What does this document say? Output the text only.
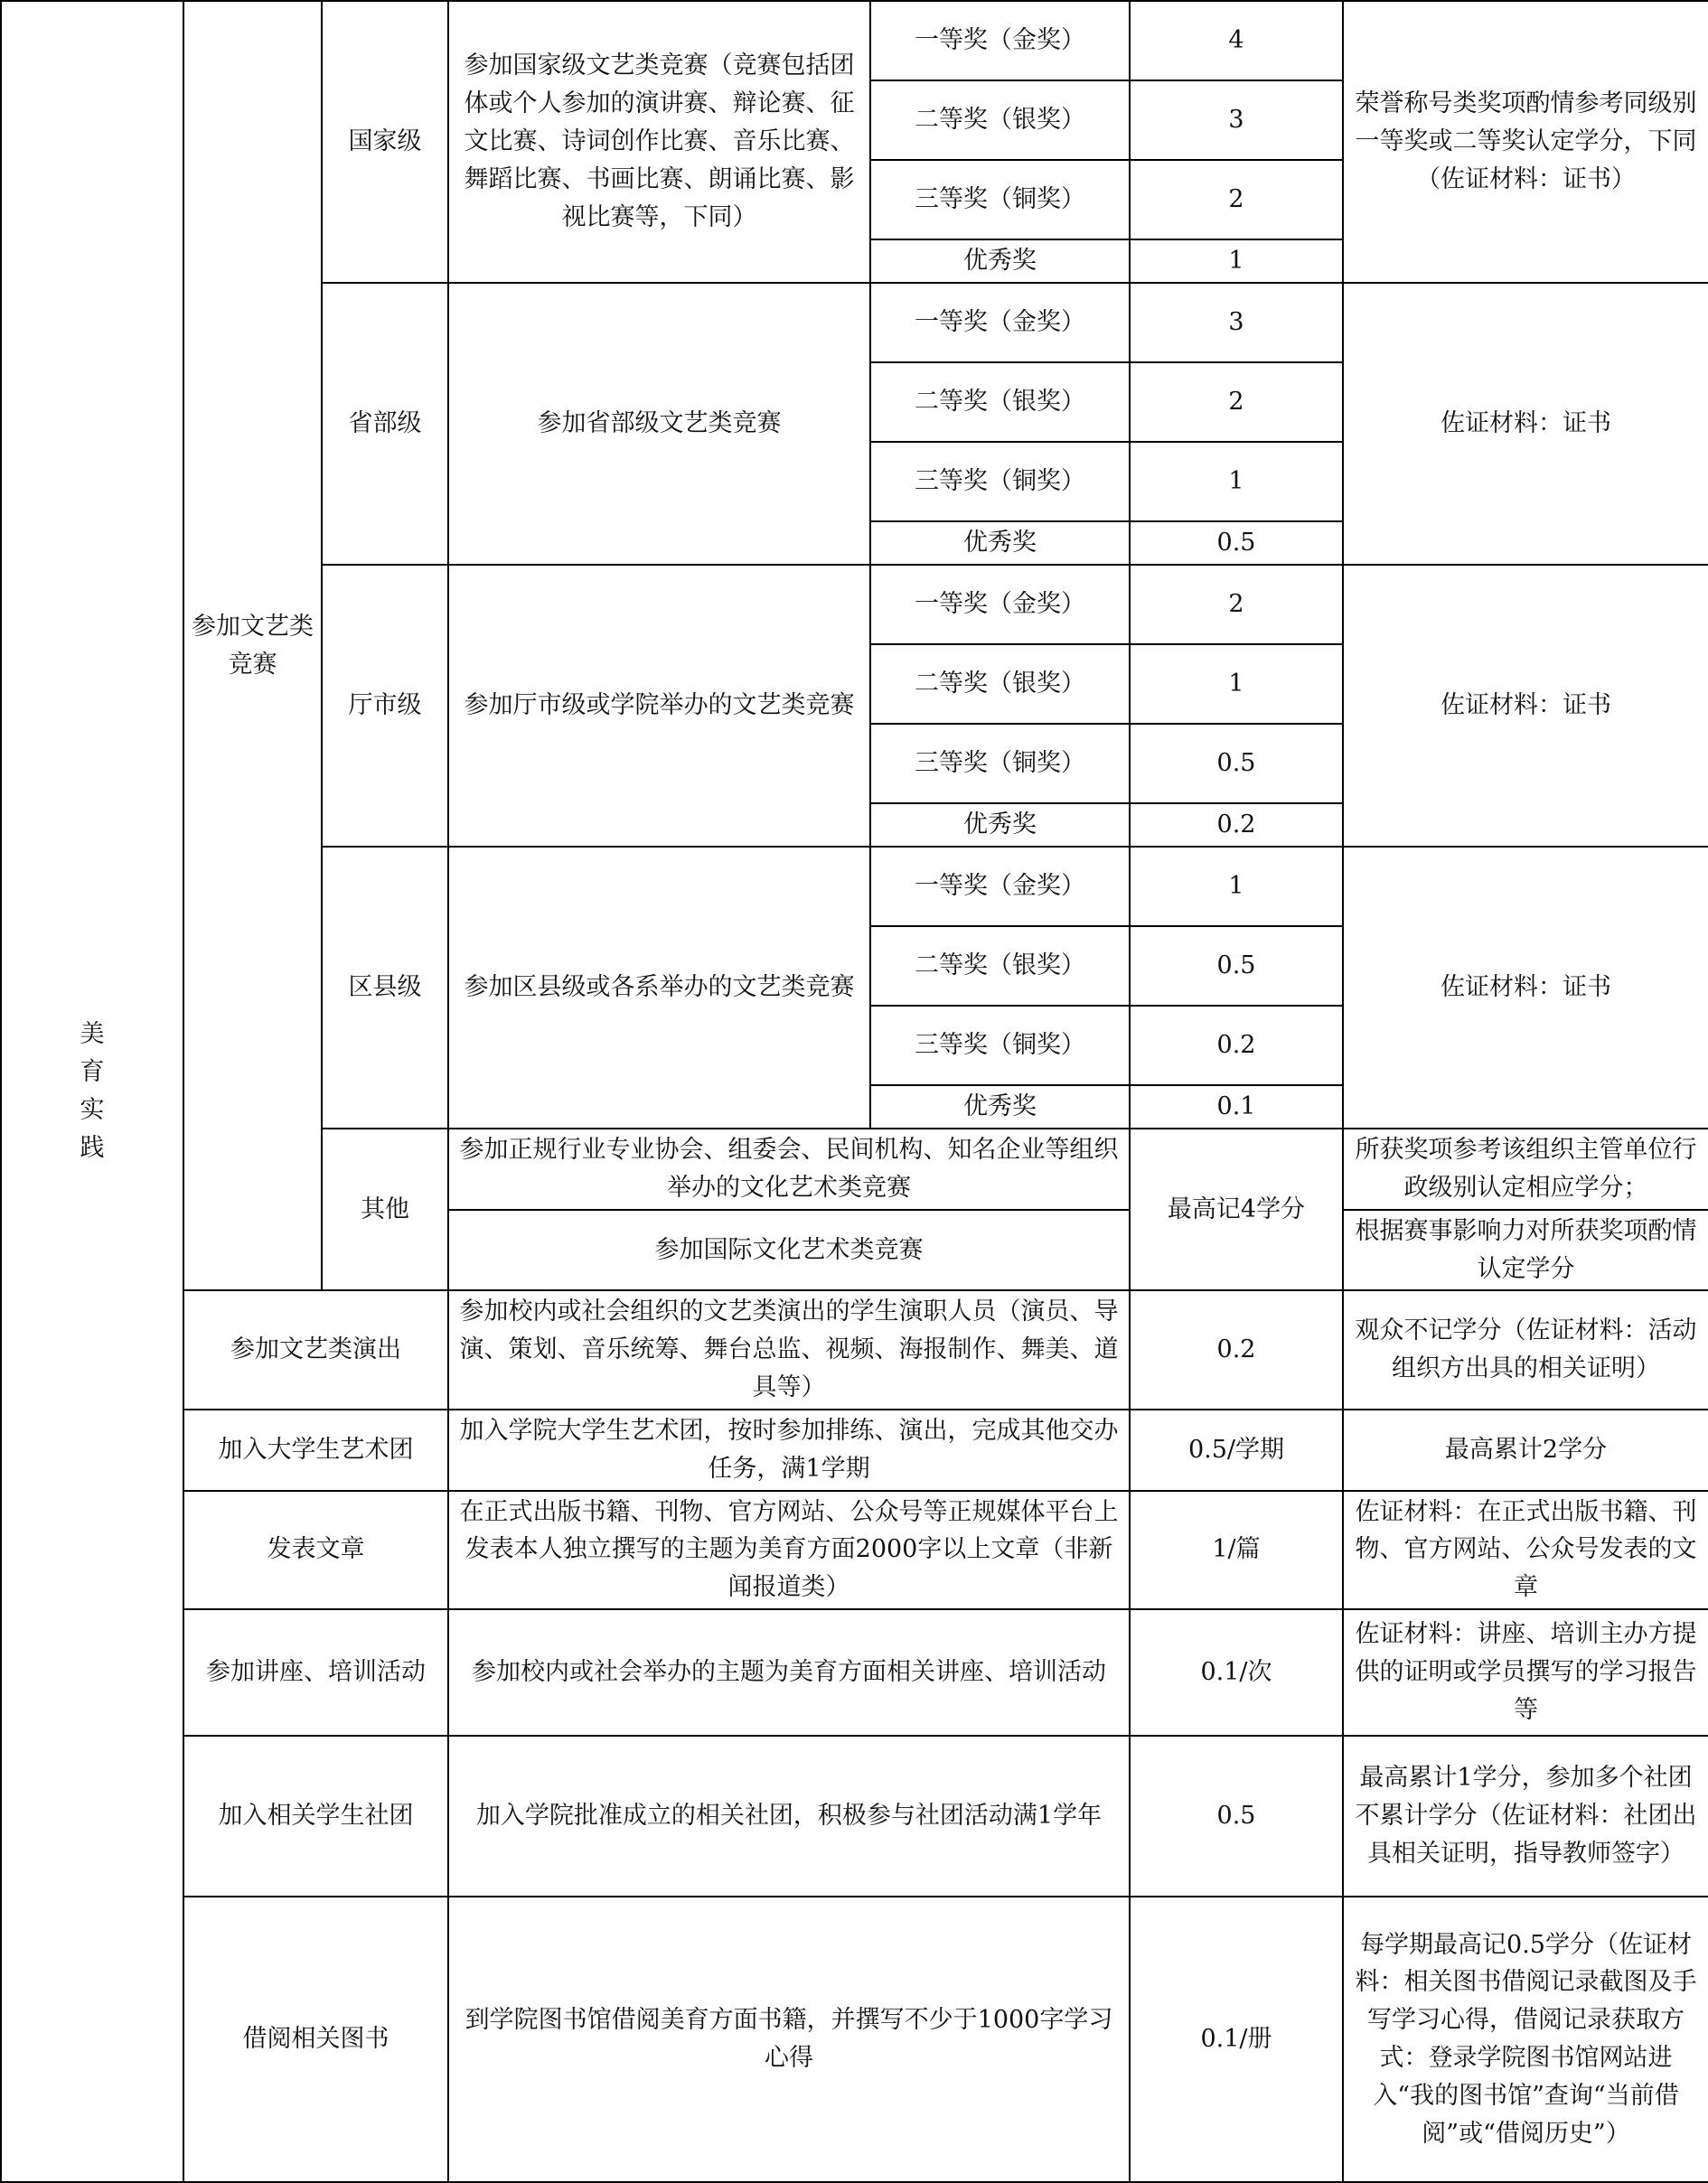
美育实践	参加文艺类竞赛	国家级	参加国家级文艺类竞赛（竞赛包括团体或个人参加的演讲赛、辩论赛、征文比赛、诗词创作比赛、音乐比赛、舞蹈比赛、书画比赛、朗诵比赛、影视比赛等，下同）	一等奖（金奖）	4	荣誉称号类奖项酌情参考同级别一等奖或二等奖认定学分，下同（佐证材料：证书）
				二等奖（银奖）	3	
				三等奖（铜奖）	2	
				优秀奖	1	
		省部级	参加省部级文艺类竞赛	一等奖（金奖）	3	佐证材料：证书
				二等奖（银奖）	2	
				三等奖（铜奖）	1	
				优秀奖	0.5	
		厅市级	参加厅市级或学院举办的文艺类竞赛	一等奖（金奖）	2	佐证材料：证书
				二等奖（银奖）	1	
				三等奖（铜奖）	0.5	
				优秀奖	0.2	
		区县级	参加区县级或各系举办的文艺类竞赛	一等奖（金奖）	1	佐证材料：证书
				二等奖（银奖）	0.5	
				三等奖（铜奖）	0.2	
				优秀奖	0.1	
		其他	参加正规行业专业协会、组委会、民间机构、知名企业等组织举办的文化艺术类竞赛		最高记4学分	所获奖项参考该组织主管单位行政级别认定相应学分；

			参加国际文化艺术类竞赛			根据赛事影响力对所获奖项酌情认定学分

	参加文艺类演出		参加校内或社会组织的文艺类演出的学生演职人员（演员、导演、策划、音乐统筹、舞台总监、视频、海报制作、舞美、道具等）		0.2	观众不记学分（佐证材料：活动组织方出具的相关证明）
	加入大学生艺术团		加入学院大学生艺术团，按时参加排练、演出，完成其他交办任务，满1学期		0.5/学期	最高累计2学分
	发表文章		在正式出版书籍、刊物、官方网站、公众号等正规媒体平台上发表本人独立撰写的主题为美育方面2000字以上文章（非新闻报道类）		1/篇	佐证材料：在正式出版书籍、刊物、官方网站、公众号发表的文章
	参加讲座、培训活动		参加校内或社会举办的主题为美育方面相关讲座、培训活动		0.1/次	佐证材料：讲座、培训主办方提供的证明或学员撰写的学习报告等
	加入相关学生社团		加入学院批准成立的相关社团，积极参与社团活动满1学年		0.5	最高累计1学分，参加多个社团不累计学分（佐证材料：社团出具相关证明，指导教师签字）
	借阅相关图书		到学院图书馆借阅美育方面书籍，并撰写不少于1000字学习心得		0.1/册	每学期最高记0.5学分（佐证材料：相关图书借阅记录截图及手写学习心得，借阅记录获取方式：登录学院图书馆网站进入“我的图书馆”查询“当前借阅”或“借阅历史”）
